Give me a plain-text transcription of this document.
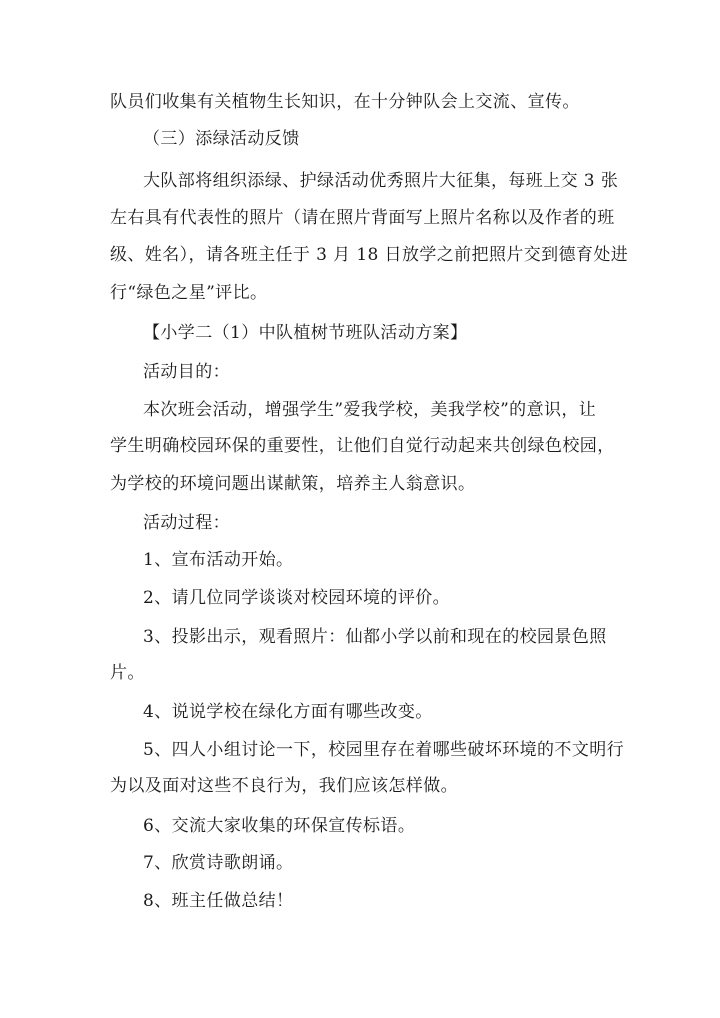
队员们收集有关植物生长知识，在十分钟队会上交流、宣传。
（三）添绿活动反馈
大队部将组织添绿、护绿活动优秀照片大征集，每班上交 3 张
左右具有代表性的照片（请在照片背面写上照片名称以及作者的班
级、姓名），请各班主任于 3 月 18 日放学之前把照片交到德育处进
行“绿色之星”评比。
【小学二（1）中队植树节班队活动方案】
活动目的：
本次班会活动，增强学生”爱我学校，美我学校”的意识，让
学生明确校园环保的重要性，让他们自觉行动起来共创绿色校园，
为学校的环境问题出谋献策，培养主人翁意识。
活动过程：
1、宣布活动开始。
2、请几位同学谈谈对校园环境的评价。
3、投影出示，观看照片：仙都小学以前和现在的校园景色照
片。
4、说说学校在绿化方面有哪些改变。
5、四人小组讨论一下，校园里存在着哪些破坏环境的不文明行
为以及面对这些不良行为，我们应该怎样做。
6、交流大家收集的环保宣传标语。
7、欣赏诗歌朗诵。
8、班主任做总结！
